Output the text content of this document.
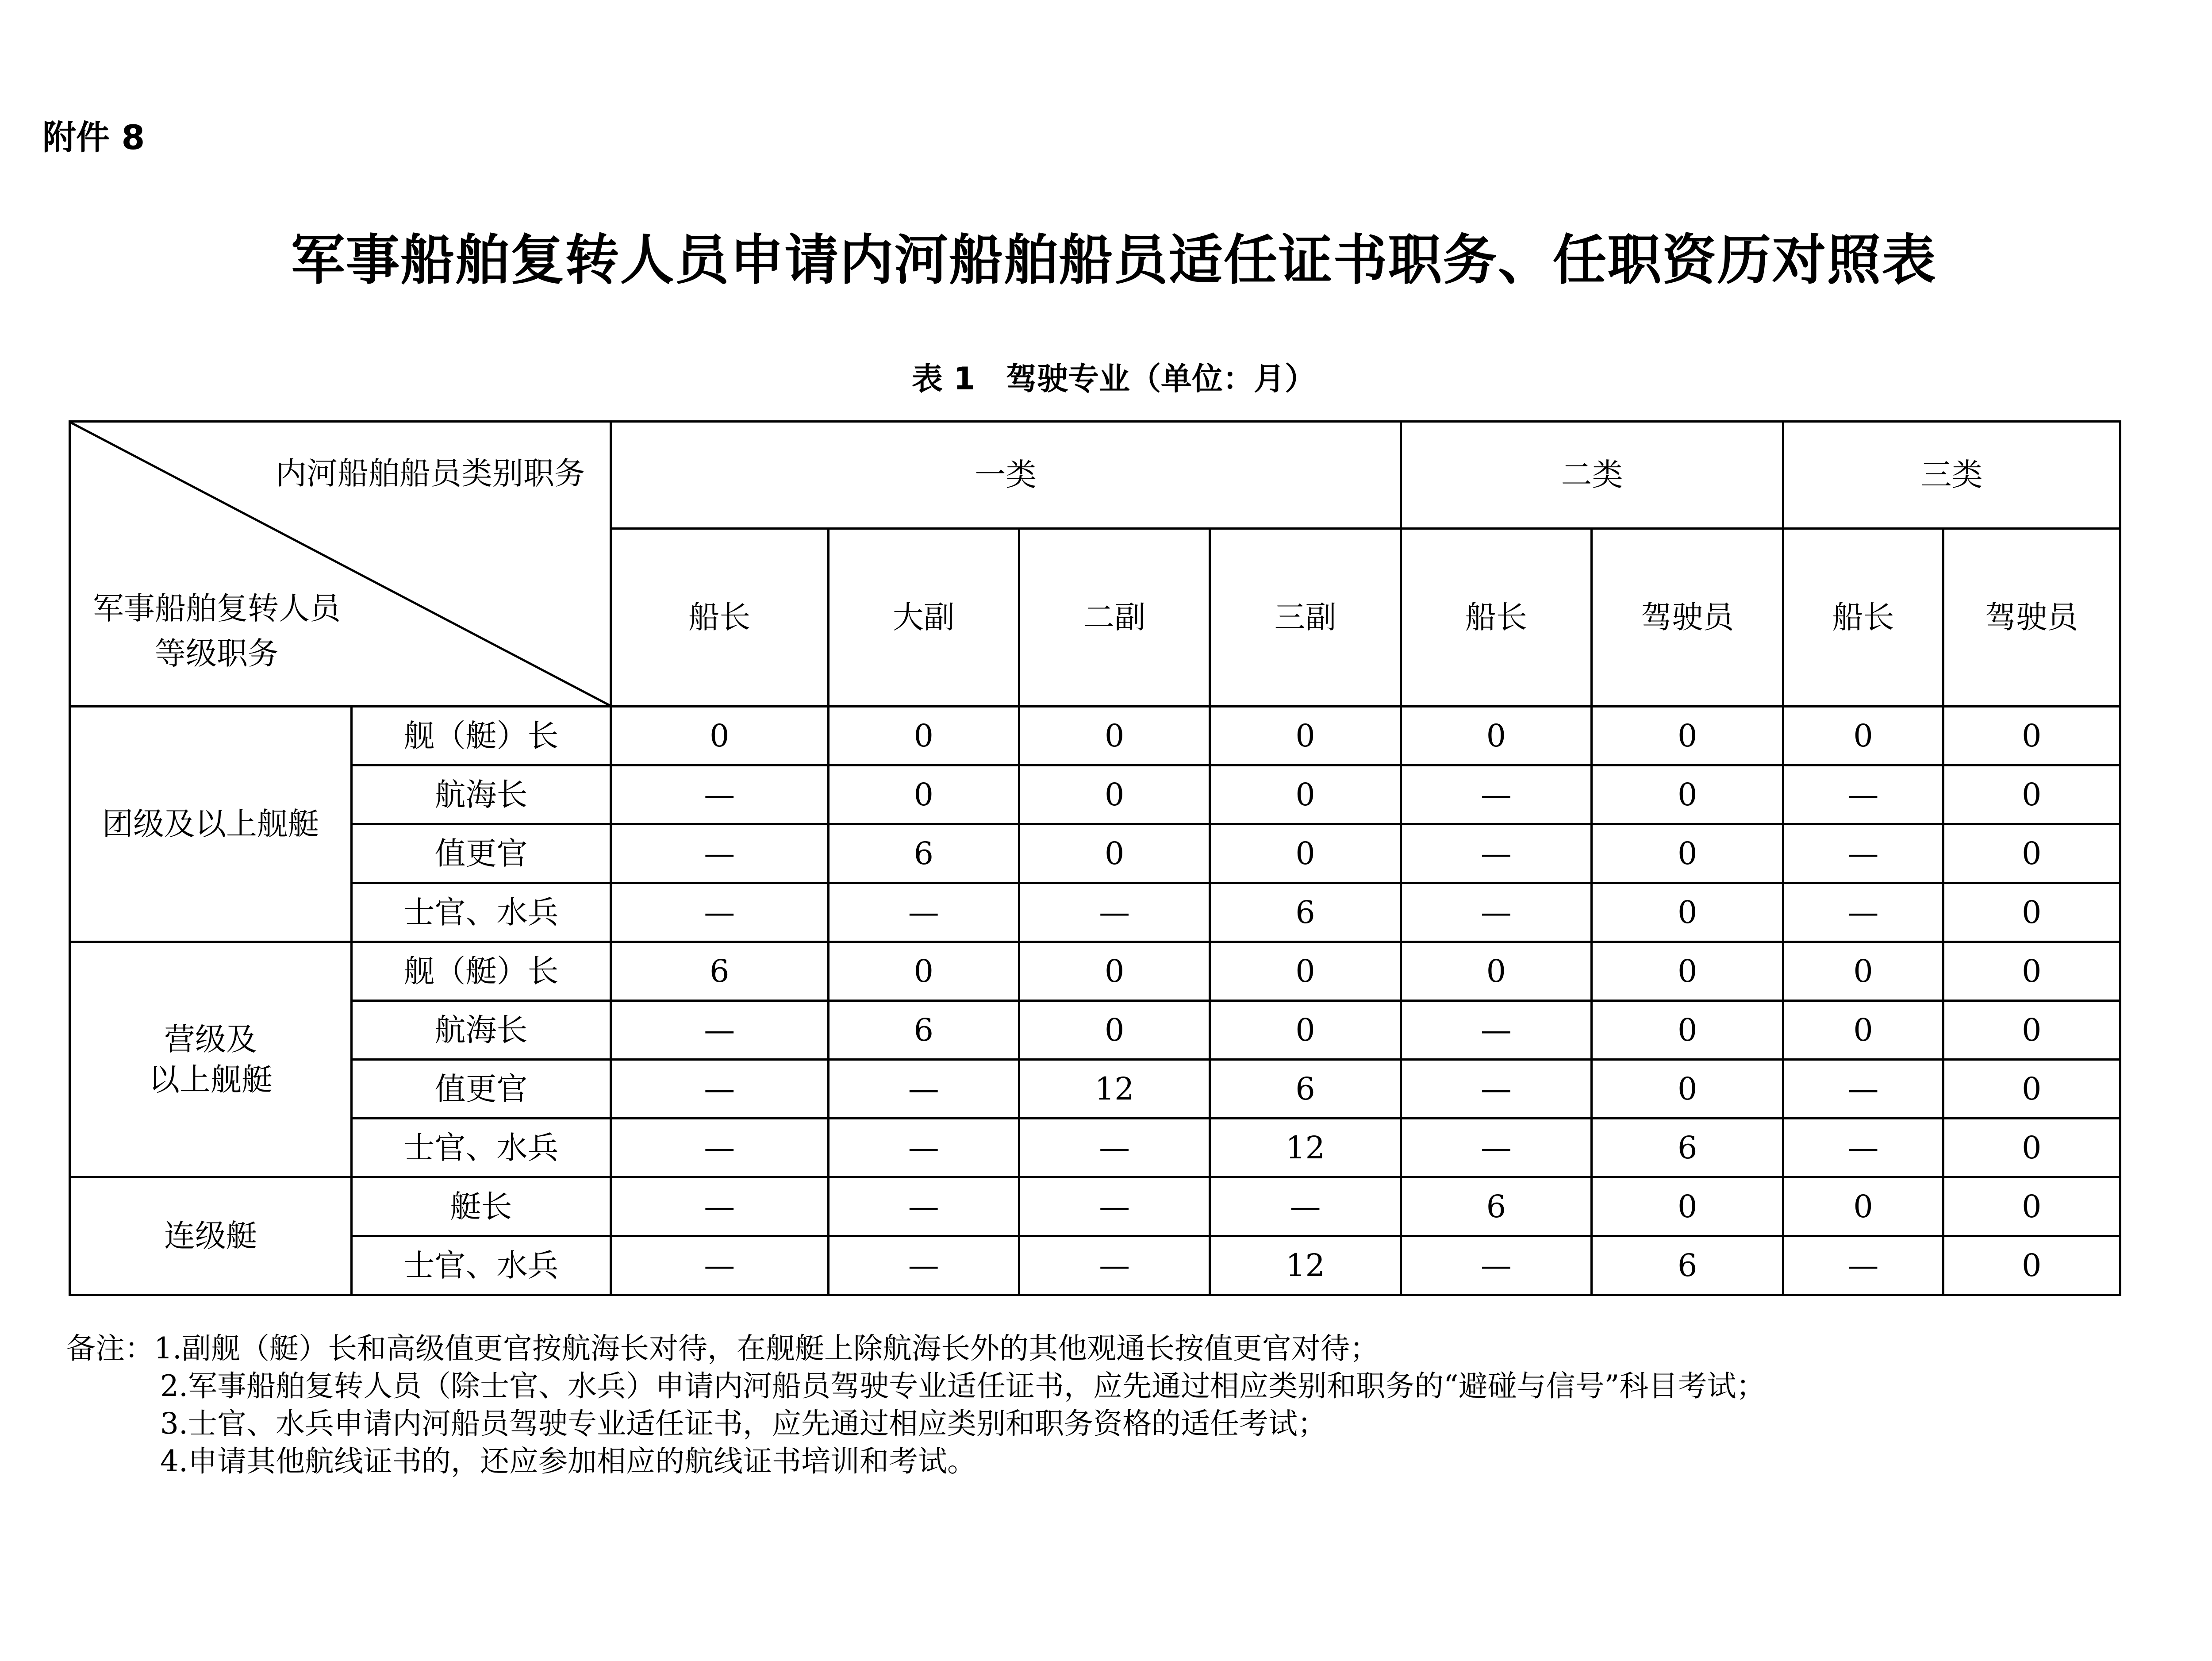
附件 8
军事船舶复转人员申请内河船舶船员适任证书职务、任职资历对照表
表 1　驾驶专业（单位：月）
内河船舶船员类别职务
军事船舶复转人员
等级职务		一类				二类		三类	
		船长	大副	二副	三副	船长	驾驶员	船长	驾驶员
团级及以上舰艇	舰（艇）长	0	0	0	0	0	0	0	0
	航海长	—	0	0	0	—	0	—	0
	值更官	—	6	0	0	—	0	—	0
	士官、水兵	—	—	—	6	—	0	—	0
营级及
以上舰艇	舰（艇）长	6	0	0	0	0	0	0	0
	航海长	—	6	0	0	—	0	0	0
	值更官	—	—	12	6	—	0	—	0
	士官、水兵	—	—	—	12	—	6	—	0
连级艇	艇长	—	—	—	—	6	0	0	0
	士官、水兵	—	—	—	12	—	6	—	0
备注：1.副舰（艇）长和高级值更官按航海长对待，在舰艇上除航海长外的其他观通长按值更官对待；
2.军事船舶复转人员（除士官、水兵）申请内河船员驾驶专业适任证书，应先通过相应类别和职务的“避碰与信号”科目考试；
3.士官、水兵申请内河船员驾驶专业适任证书，应先通过相应类别和职务资格的适任考试；
4.申请其他航线证书的，还应参加相应的航线证书培训和考试。
